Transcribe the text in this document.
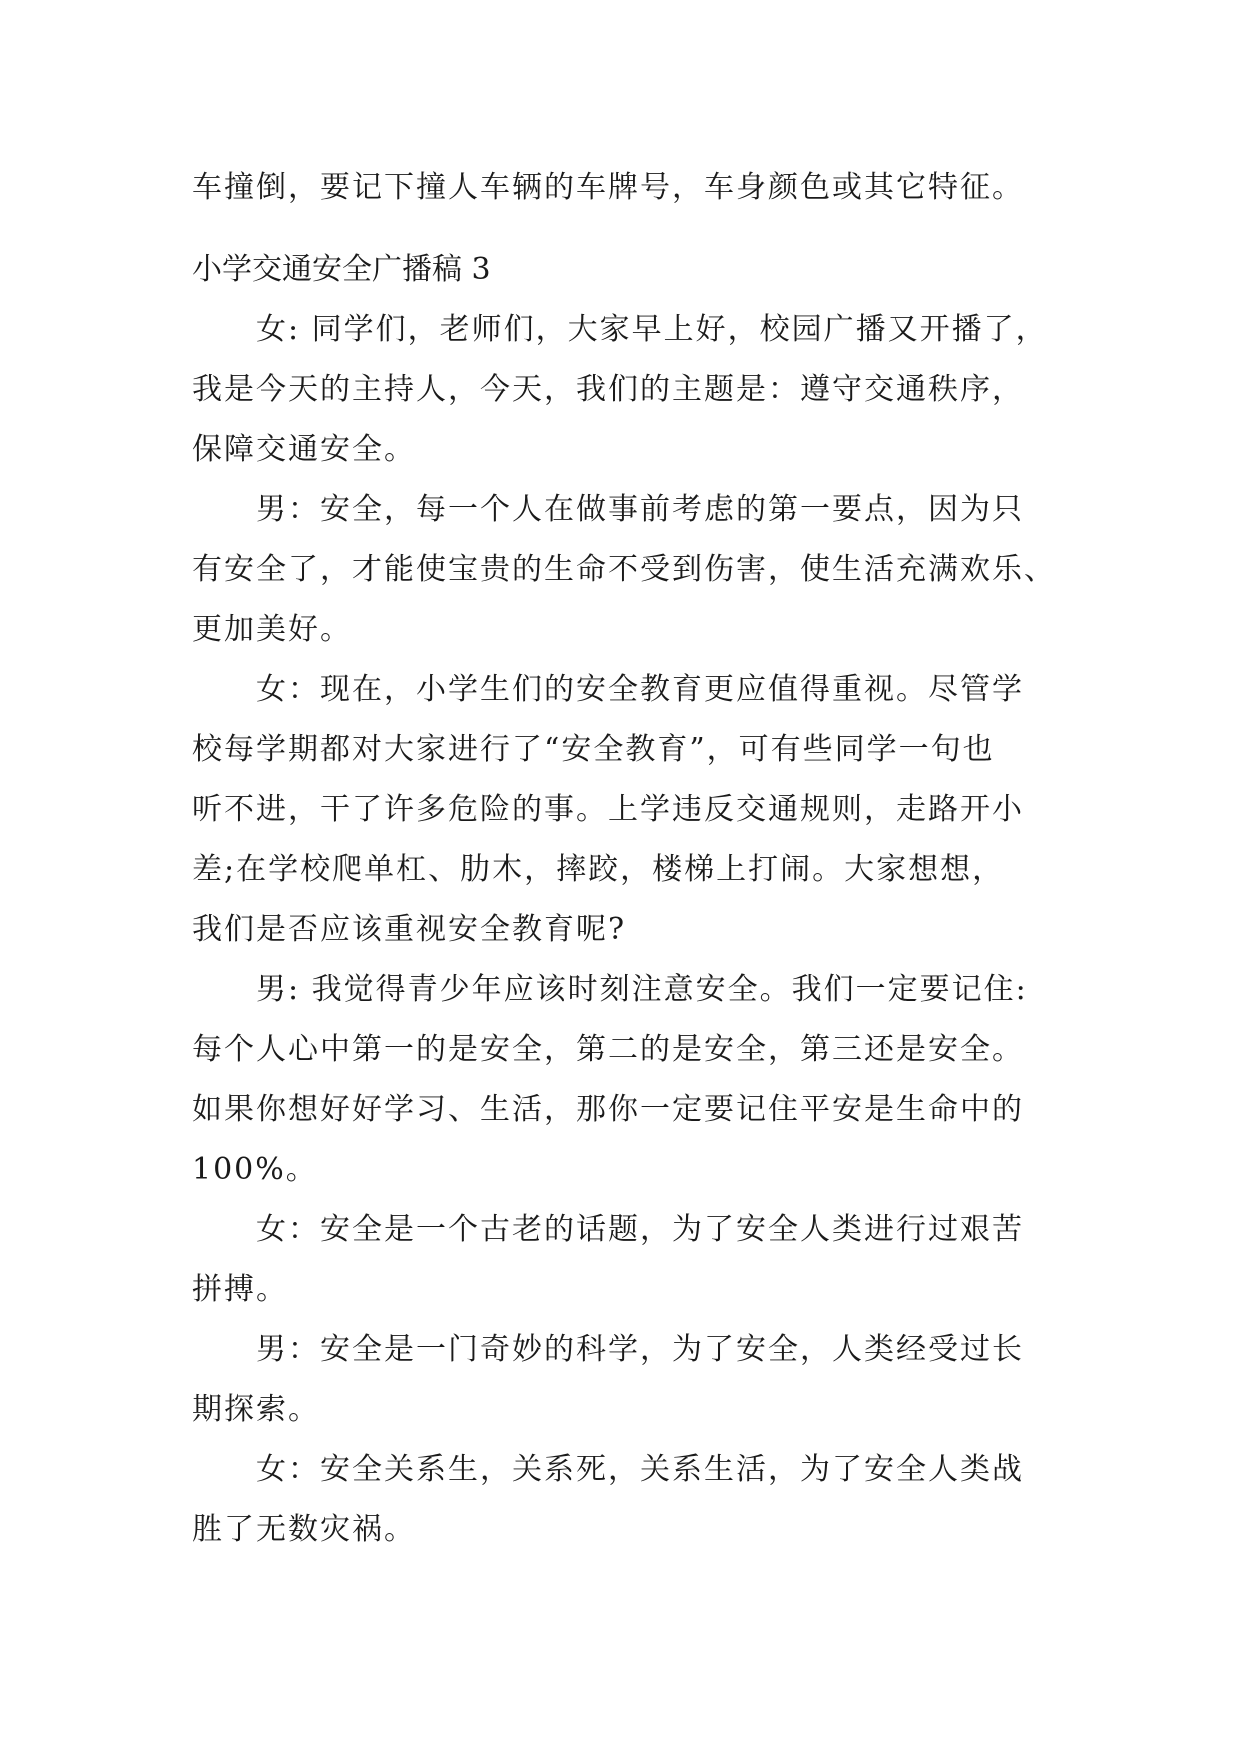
车撞倒，要记下撞人车辆的车牌号，车身颜色或其它特征。
小学交通安全广播稿 3
女: 同学们，老师们，大家早上好，校园广播又开播了，
我是今天的主持人，今天，我们的主题是：遵守交通秩序，
保障交通安全。
男：安全，每一个人在做事前考虑的第一要点，因为只
有安全了，才能使宝贵的生命不受到伤害，使生活充满欢乐、
更加美好。
女：现在，小学生们的安全教育更应值得重视。尽管学
校每学期都对大家进行了“安全教育”，可有些同学一句也
听不进，干了许多危险的事。上学违反交通规则，走路开小
差;在学校爬单杠、肋木，摔跤，楼梯上打闹。大家想想，
我们是否应该重视安全教育呢?
男: 我觉得青少年应该时刻注意安全。我们一定要记住:
每个人心中第一的是安全，第二的是安全，第三还是安全。
如果你想好好学习、生活，那你一定要记住平安是生命中的
100%。
女：安全是一个古老的话题，为了安全人类进行过艰苦
拼搏。
男：安全是一门奇妙的科学，为了安全，人类经受过长
期探索。
女：安全关系生，关系死，关系生活，为了安全人类战
胜了无数灾祸。
